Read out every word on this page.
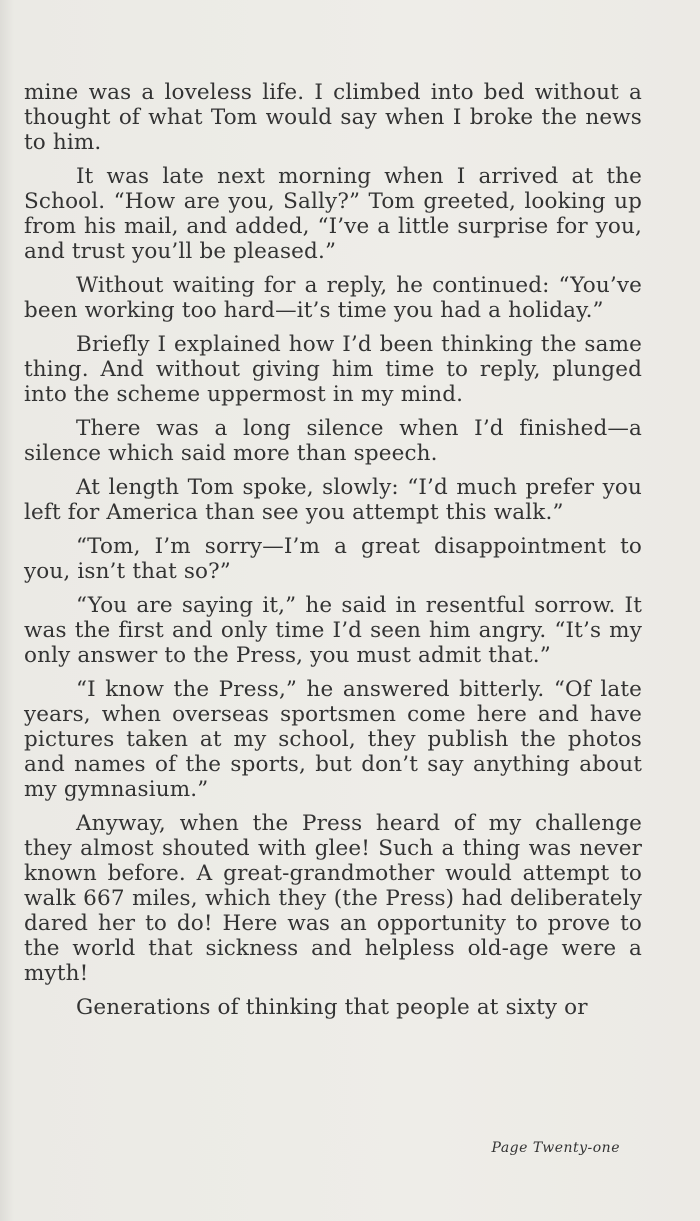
mine was a loveless life. I climbed into bed without a thought of what Tom would say when I broke the news to him.

It was late next morning when I arrived at the School. “How are you, Sally?” Tom greeted, looking up from his mail, and added, “I’ve a little surprise for you, and trust you’ll be pleased.”

Without waiting for a reply, he continued: “You’ve been working too hard—it’s time you had a holiday.”

Briefly I explained how I’d been thinking the same thing. And without giving him time to reply, plunged into the scheme uppermost in my mind.

There was a long silence when I’d finished—a silence which said more than speech.

At length Tom spoke, slowly: “I’d much prefer you left for America than see you attempt this walk.”

“Tom, I’m sorry—I’m a great disappointment to you, isn’t that so?”

“You are saying it,” he said in resentful sorrow. It was the first and only time I’d seen him angry. “It’s my only answer to the Press, you must admit that.”

“I know the Press,” he answered bitterly. “Of late years, when overseas sportsmen come here and have pictures taken at my school, they publish the photos and names of the sports, but don’t say anything about my gymnasium.”

Anyway, when the Press heard of my challenge they almost shouted with glee! Such a thing was never known before. A great-grandmother would attempt to walk 667 miles, which they (the Press) had deliberately dared her to do! Here was an opportunity to prove to the world that sickness and helpless old-age were a myth!

Generations of thinking that people at sixty or

Page Twenty-one
